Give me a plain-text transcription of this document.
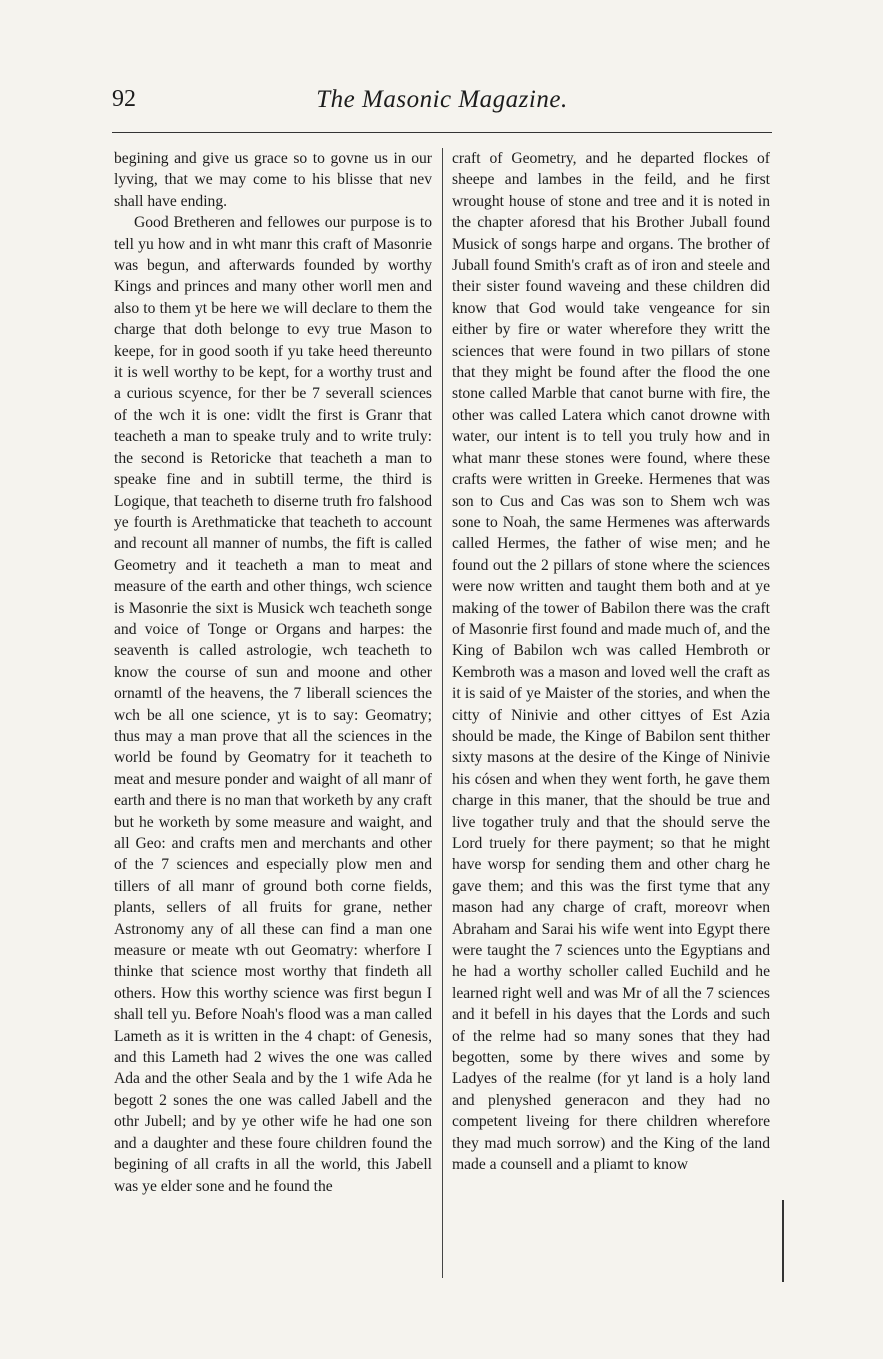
92	The Masonic Magazine.

begining and give us grace so to govne us in our lyving, that we may come to his blisse that nev shall have ending.

Good Bretheren and fellowes our purpose is to tell yu how and in wht manr this craft of Masonrie was begun, and afterwards founded by worthy Kings and princes and many other worll men and also to them yt be here we will declare to them the charge that doth belonge to evy true Mason to keepe, for in good sooth if yu take heed thereunto it is well worthy to be kept, for a worthy trust and a curious scyence, for ther be 7 severall sciences of the wch it is one: vidlt the first is Granr that teacheth a man to speake truly and to write truly: the second is Retoricke that teacheth a man to speake fine and in subtill terme, the third is Logique, that teacheth to diserne truth fro falshood ye fourth is Arethmaticke that teacheth to account and recount all manner of numbs, the fift is called Geometry and it teacheth a man to meat and measure of the earth and other things, wch science is Masonrie the sixt is Musick wch teacheth songe and voice of Tonge or Organs and harpes: the seaventh is called astrologie, wch teacheth to know the course of sun and moone and other ornamtl of the heavens, the 7 liberall sciences the wch be all one science, yt is to say: Geomatry; thus may a man prove that all the sciences in the world be found by Geomatry for it teacheth to meat and mesure ponder and waight of all manr of earth and there is no man that worketh by any craft but he worketh by some measure and waight, and all Geo: and crafts men and merchants and other of the 7 sciences and especially plow men and tillers of all manr of ground both corne fields, plants, sellers of all fruits for grane, nether Astronomy any of all these can find a man one measure or meate wth out Geomatry: wherfore I thinke that science most worthy that findeth all others. How this worthy science was first begun I shall tell yu. Before Noah's flood was a man called Lameth as it is written in the 4 chapt: of Genesis, and this Lameth had 2 wives the one was called Ada and the other Seala and by the 1 wife Ada he begott 2 sones the one was called Jabell and the othr Jubell; and by ye other wife he had one son and a daughter and these foure children found the begining of all crafts in all the world, this Jabell was ye elder sone and he found the

craft of Geometry, and he departed flockes of sheepe and lambes in the feild, and he first wrought house of stone and tree and it is noted in the chapter aforesd that his Brother Juball found Musick of songs harpe and organs. The brother of Juball found Smith's craft as of iron and steele and their sister found waveing and these children did know that God would take vengeance for sin either by fire or water wherefore they writt the sciences that were found in two pillars of stone that they might be found after the flood the one stone called Marble that canot burne with fire, the other was called Latera which canot drowne with water, our intent is to tell you truly how and in what manr these stones were found, where these crafts were written in Greeke. Hermenes that was son to Cus and Cas was son to Shem wch was sone to Noah, the same Hermenes was afterwards called Hermes, the father of wise men; and he found out the 2 pillars of stone where the sciences were now written and taught them both and at ye making of the tower of Babilon there was the craft of Masonrie first found and made much of, and the King of Babilon wch was called Hembroth or Kembroth was a mason and loved well the craft as it is said of ye Maister of the stories, and when the citty of Ninivie and other cittyes of Est Azia should be made, the Kinge of Babilon sent thither sixty masons at the desire of the Kinge of Ninivie his cósen and when they went forth, he gave them charge in this maner, that the should be true and live togather truly and that the should serve the Lord truely for there payment; so that he might have worsp for sending them and other charg he gave them; and this was the first tyme that any mason had any charge of craft, moreovr when Abraham and Sarai his wife went into Egypt there were taught the 7 sciences unto the Egyptians and he had a worthy scholler called Euchild and he learned right well and was Mr of all the 7 sciences and it befell in his dayes that the Lords and such of the relme had so many sones that they had begotten, some by there wives and some by Ladyes of the realme (for yt land is a holy land and plenyshed generacon and they had no competent liveing for there children wherefore they mad much sorrow) and the King of the land made a counsell and a pliamt to know
